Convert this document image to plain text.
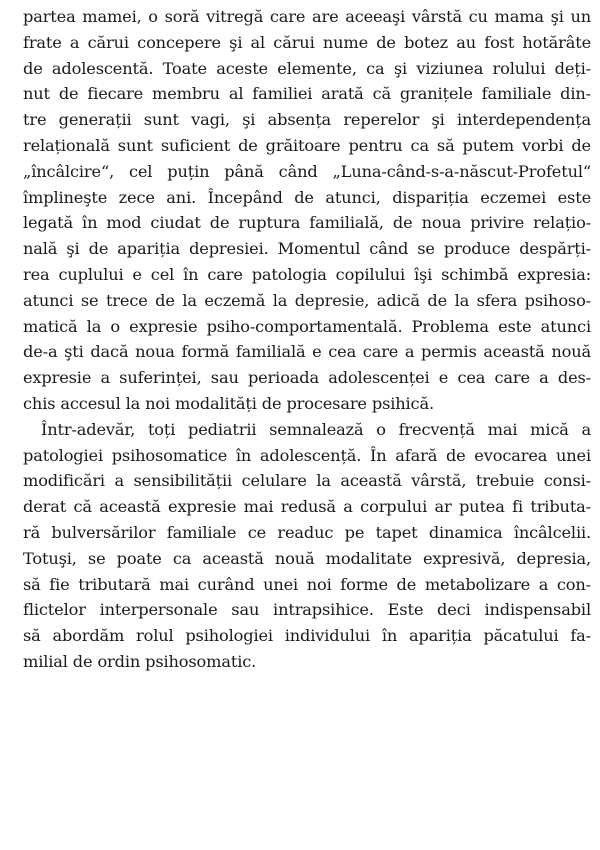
partea mamei, o soră vitregă care are aceeaşi vârstă cu mama şi un
frate a cărui concepere şi al cărui nume de botez au fost hotărâte
de adolescentă. Toate aceste elemente, ca şi viziunea rolului deți-
nut de fiecare membru al familiei arată că granițele familiale din-
tre generații sunt vagi, şi absența reperelor şi interdependența
relațională sunt suficient de grăitoare pentru ca să putem vorbi de
„încâlcire“, cel puțin până când „Luna-când-s-a-născut-Profetul“
împlineşte zece ani. Începând de atunci, dispariția eczemei este
legată în mod ciudat de ruptura familială, de noua privire relațio-
nală şi de apariția depresiei. Momentul când se produce despărți-
rea cuplului e cel în care patologia copilului îşi schimbă expresia:
atunci se trece de la eczemă la depresie, adică de la sfera psihoso-
matică la o expresie psiho-comportamentală. Problema este atunci
de-a şti dacă noua formă familială e cea care a permis această nouă
expresie a suferinței, sau perioada adolescenței e cea care a des-
chis accesul la noi modalități de procesare psihică.
Într-adevăr, toți pediatrii semnalează o frecvență mai mică a
patologiei psihosomatice în adolescență. În afară de evocarea unei
modificări a sensibilității celulare la această vârstă, trebuie consi-
derat că această expresie mai redusă a corpului ar putea fi tributa-
ră bulversărilor familiale ce readuc pe tapet dinamica încâlcelii.
Totuşi, se poate ca această nouă modalitate expresivă, depresia,
să fie tributară mai curând unei noi forme de metabolizare a con-
flictelor interpersonale sau intrapsihice. Este deci indispensabil
să abordăm rolul psihologiei individului în apariția păcatului fa-
milial de ordin psihosomatic.
